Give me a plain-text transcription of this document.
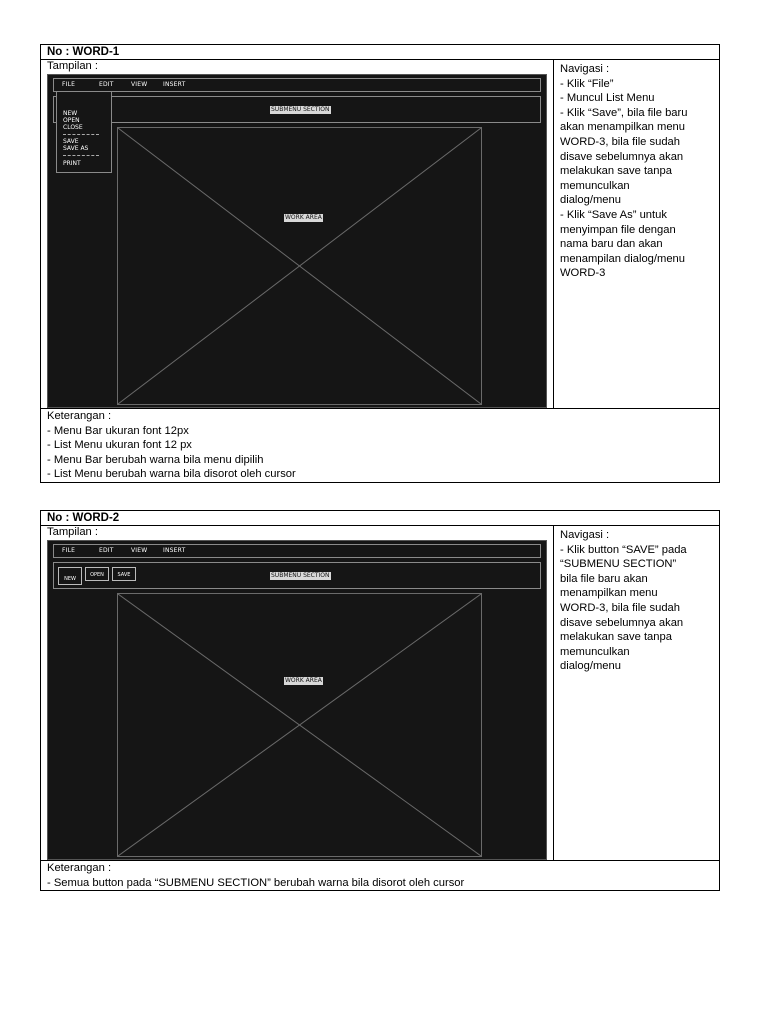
No : WORD-1
Tampilan :
FILE	EDIT	VIEW	INSERT
SUBMENU SECTION
WORK AREA
NEW
OPEN
CLOSE
SAVE
SAVE AS
PRINT
Navigasi :
- Klik “File”
- Muncul List Menu
- Klik “Save”, bila file baru
akan menampilkan menu
WORD-3, bila file sudah
disave sebelumnya akan
melakukan save tanpa
memunculkan
dialog/menu
- Klik “Save As” untuk
menyimpan file dengan
nama baru dan akan
menampilan dialog/menu
WORD-3
Keterangan :
- Menu Bar ukuran font 12px
- List Menu ukuran font 12 px
- Menu Bar berubah warna bila menu dipilih
- List Menu berubah warna bila disorot oleh cursor
No : WORD-2
Tampilan :
FILE	EDIT	VIEW	INSERT
NEW
OPEN	SAVE	SUBMENU SECTION
WORK AREA
Navigasi :
- Klik button “SAVE” pada
“SUBMENU SECTION”
bila file baru akan
menampilkan menu
WORD-3, bila file sudah
disave sebelumnya akan
melakukan save tanpa
memunculkan
dialog/menu
Keterangan :
- Semua button pada “SUBMENU SECTION” berubah warna bila disorot oleh cursor
